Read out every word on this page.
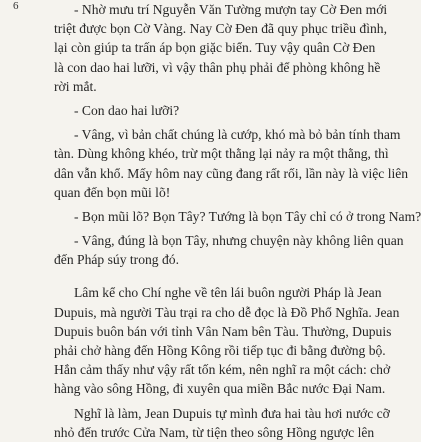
6	- Nhờ mưu trí Nguyễn Văn Tường mượn tay Cờ Đen mới
triệt được bọn Cờ Vàng. Nay Cờ Đen đã quy phục triều đình,
lại còn giúp ta trấn áp bọn giặc biển. Tuy vậy quân Cờ Đen
là con dao hai lưỡi, vì vậy thân phụ phải để phòng không hề
rời mắt.
- Con dao hai lưỡi?
- Vâng, vì bản chất chúng là cướp, khó mà bỏ bản tính tham
tàn. Dùng không khéo, trừ một thằng lại nảy ra một thằng, thì
dân vẫn khổ. Mấy hôm nay cũng đang rất rối, lần này là việc liên
quan đến bọn mũi lõ!
- Bọn mũi lõ? Bọn Tây? Tướng là bọn Tây chỉ có ở trong Nam?
- Vâng, đúng là bọn Tây, nhưng chuyện này không liên quan
đến Pháp súy trong đó.
Lâm kể cho Chí nghe về tên lái buôn người Pháp là Jean
Dupuis, mà người Tàu trại ra cho dễ đọc là Đồ Phổ Nghĩa. Jean
Dupuis buôn bán với tỉnh Vân Nam bên Tàu. Thường, Dupuis
phải chở hàng đến Hồng Kông rồi tiếp tục đi bằng đường bộ.
Hắn cảm thấy như vậy rất tốn kém, nên nghĩ ra một cách: chở
hàng vào sông Hồng, đi xuyên qua miền Bắc nước Đại Nam.
Nghĩ là làm, Jean Dupuis tự mình đưa hai tàu hơi nước cỡ
nhỏ đến trước Cửa Nam, từ tiện theo sông Hồng ngược lên
